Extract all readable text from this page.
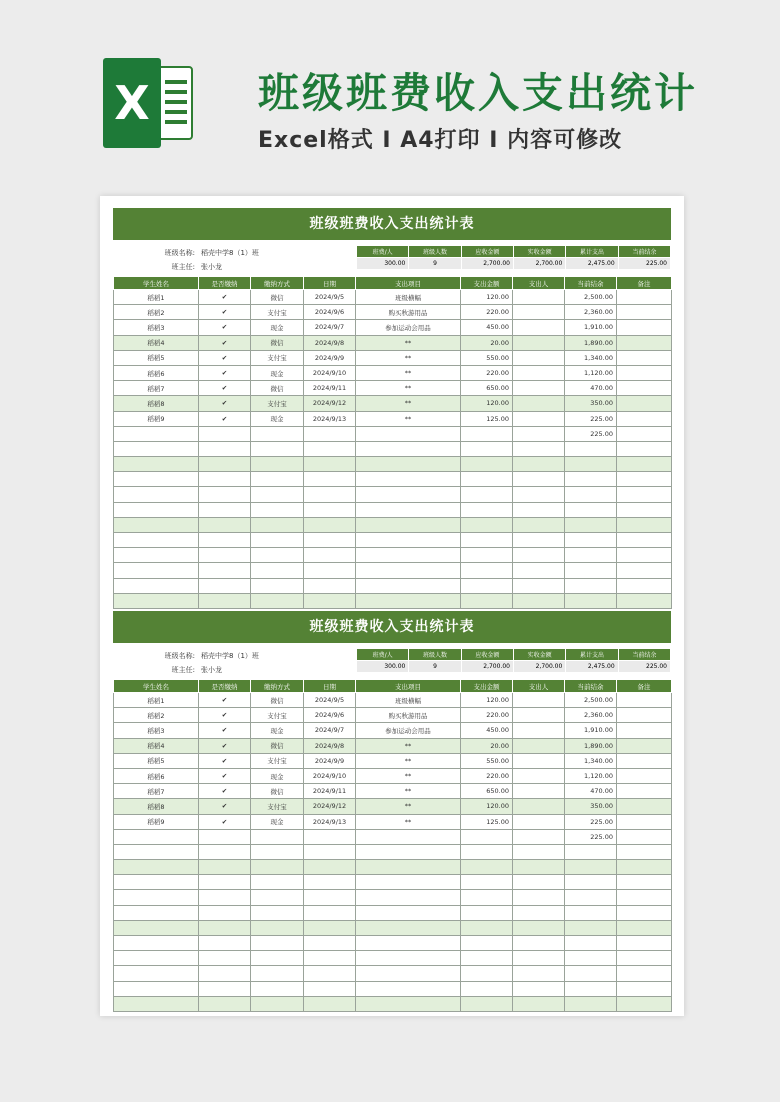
X	班级班费收入支出统计
Excel格式 I A4打印 I 内容可修改
班级班费收入支出统计表
班级名称: 稻壳中学8（1）班
班主任: 张小龙
班费/人	班级人数	应收金额	实收金额	累计支出	当前结余
300.00	9	2,700.00	2,700.00	2,475.00	225.00
学生姓名	是否缴纳	缴纳方式	日期	支出项目	支出金额	支出人	当前结余	备注
稻稻1	✔	微信	2024/9/5	班级横幅	120.00		2,500.00	
稻稻2	✔	支付宝	2024/9/6	购买秋游用品	220.00		2,360.00	
稻稻3	✔	现金	2024/9/7	参加运动会用品	450.00		1,910.00	
稻稻4	✔	微信	2024/9/8	**	20.00		1,890.00	
稻稻5	✔	支付宝	2024/9/9	**	550.00		1,340.00	
稻稻6	✔	现金	2024/9/10	**	220.00		1,120.00	
稻稻7	✔	微信	2024/9/11	**	650.00		470.00	
稻稻8	✔	支付宝	2024/9/12	**	120.00		350.00	
稻稻9	✔	现金	2024/9/13	**	125.00		225.00	
							225.00	

班级班费收入支出统计表
班级名称: 稻壳中学8（1）班
班主任: 张小龙
班费/人	班级人数	应收金额	实收金额	累计支出	当前结余
300.00	9	2,700.00	2,700.00	2,475.00	225.00
学生姓名	是否缴纳	缴纳方式	日期	支出项目	支出金额	支出人	当前结余	备注
稻稻1	✔	微信	2024/9/5	班级横幅	120.00		2,500.00	
稻稻2	✔	支付宝	2024/9/6	购买秋游用品	220.00		2,360.00	
稻稻3	✔	现金	2024/9/7	参加运动会用品	450.00		1,910.00	
稻稻4	✔	微信	2024/9/8	**	20.00		1,890.00	
稻稻5	✔	支付宝	2024/9/9	**	550.00		1,340.00	
稻稻6	✔	现金	2024/9/10	**	220.00		1,120.00	
稻稻7	✔	微信	2024/9/11	**	650.00		470.00	
稻稻8	✔	支付宝	2024/9/12	**	120.00		350.00	
稻稻9	✔	现金	2024/9/13	**	125.00		225.00	
							225.00	
